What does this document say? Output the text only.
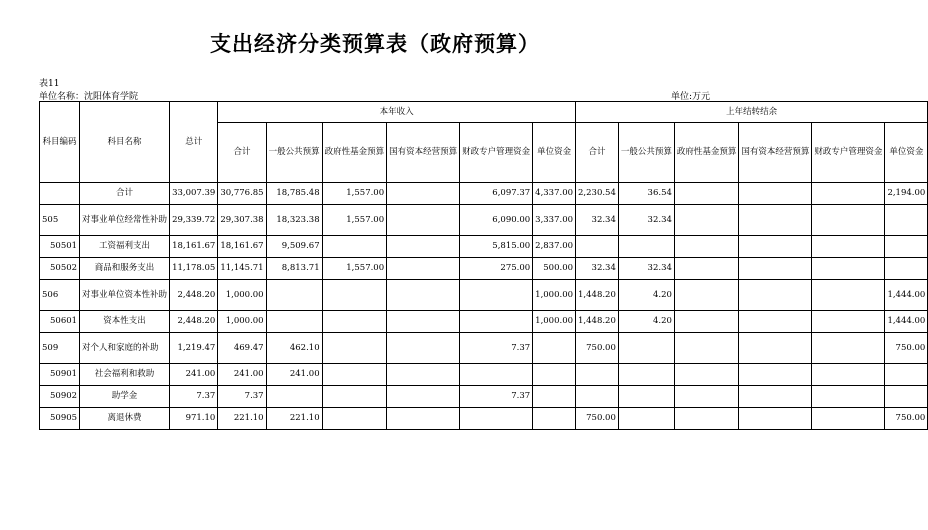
支出经济分类预算表（政府预算）
表11
单位名称：沈阳体育学院	单位:万元
科目编码	科目名称	总计	本年收入						上年结转结余					
			合计	一般公共预算	政府性基金预算	国有资本经营预算	财政专户管理资金	单位资金	合计	一般公共预算	政府性基金预算	国有资本经营预算	财政专户管理资金	单位资金
	合计	33,007.39	30,776.85	18,785.48	1,557.00		6,097.37	4,337.00	2,230.54	36.54				2,194.00
505	对事业单位经常性补助	29,339.72	29,307.38	18,323.38	1,557.00		6,090.00	3,337.00	32.34	32.34				
50501	工资福利支出	18,161.67	18,161.67	9,509.67			5,815.00	2,837.00						
50502	商品和服务支出	11,178.05	11,145.71	8,813.71	1,557.00		275.00	500.00	32.34	32.34				
506	对事业单位资本性补助	2,448.20	1,000.00					1,000.00	1,448.20	4.20				1,444.00
50601	资本性支出	2,448.20	1,000.00					1,000.00	1,448.20	4.20				1,444.00
509	对个人和家庭的补助	1,219.47	469.47	462.10			7.37		750.00					750.00
50901	社会福利和救助	241.00	241.00	241.00										
50902	助学金	7.37	7.37				7.37							
50905	离退休费	971.10	221.10	221.10					750.00					750.00
